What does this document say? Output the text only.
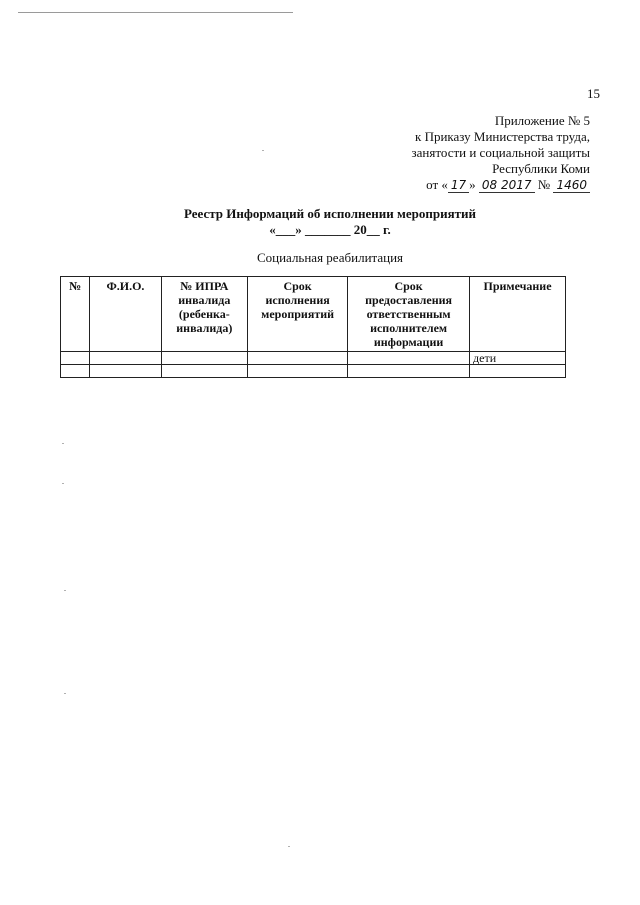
15
Приложение № 5
к Приказу Министерства труда,
занятости и социальной защиты
Республики Коми
от « 17 » 08 2017 № 1460
Реестр Информаций об исполнении мероприятий
«___» _______ 20__ г.
Социальная реабилитация
№	Ф.И.О.	№ ИПРА инвалида (ребенка-инвалида)	Срок исполнения мероприятий	Срок предоставления ответственным исполнителем информации	Примечание
					дети
